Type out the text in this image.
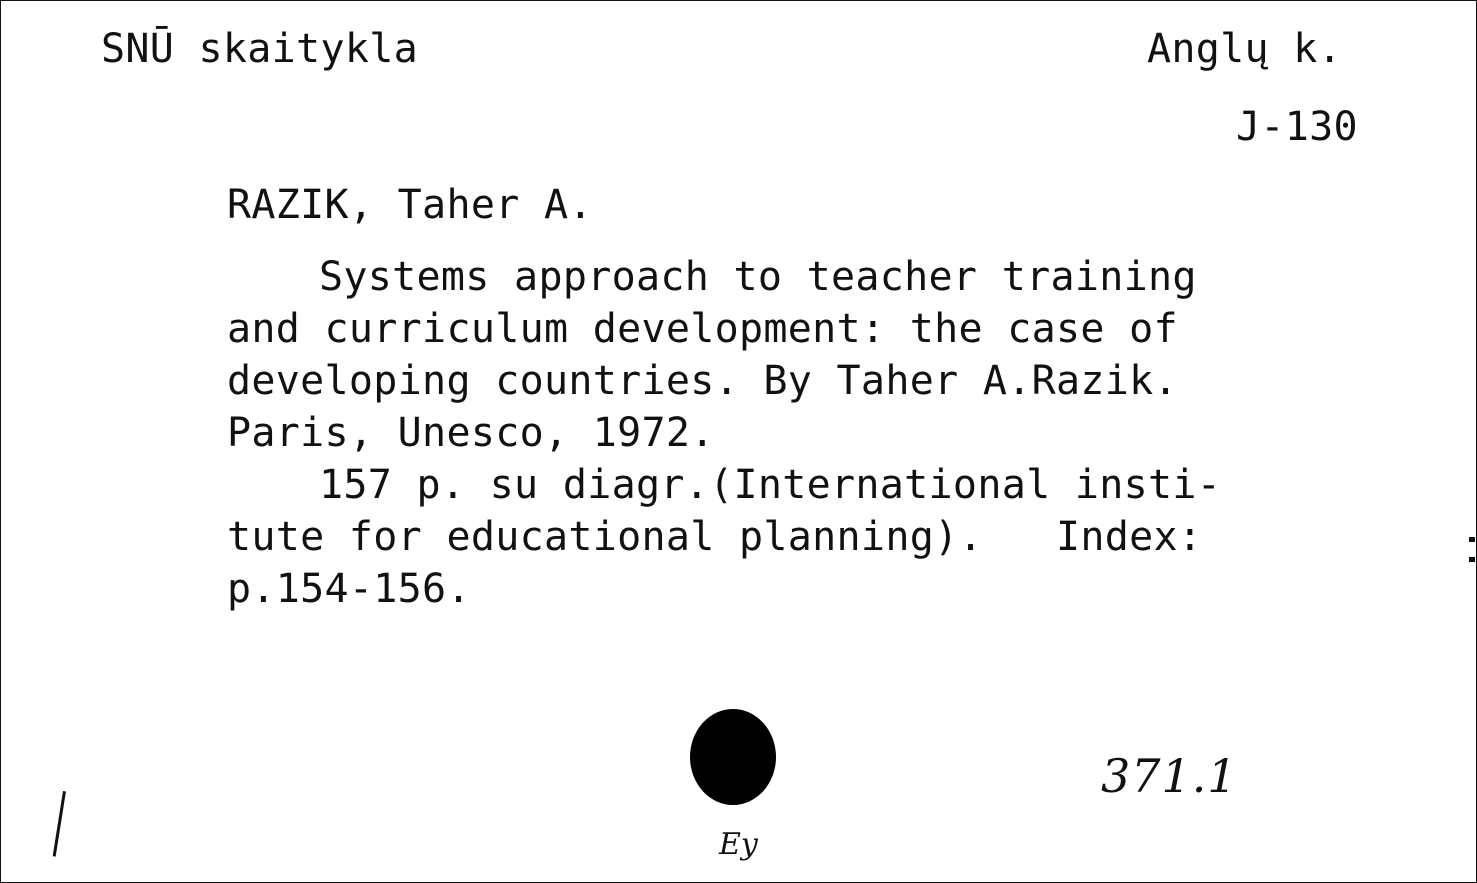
SNŪ skaitykla	Anglų k.
J-130
RAZIK, Taher A.
Systems approach to teacher training
and curriculum development: the case of
developing countries. By Taher A.Razik.
Paris, Unesco, 1972.
157 p. su diagr.(International insti-
tute for educational planning).   Index:
p.154-156.
371.1
Ey
